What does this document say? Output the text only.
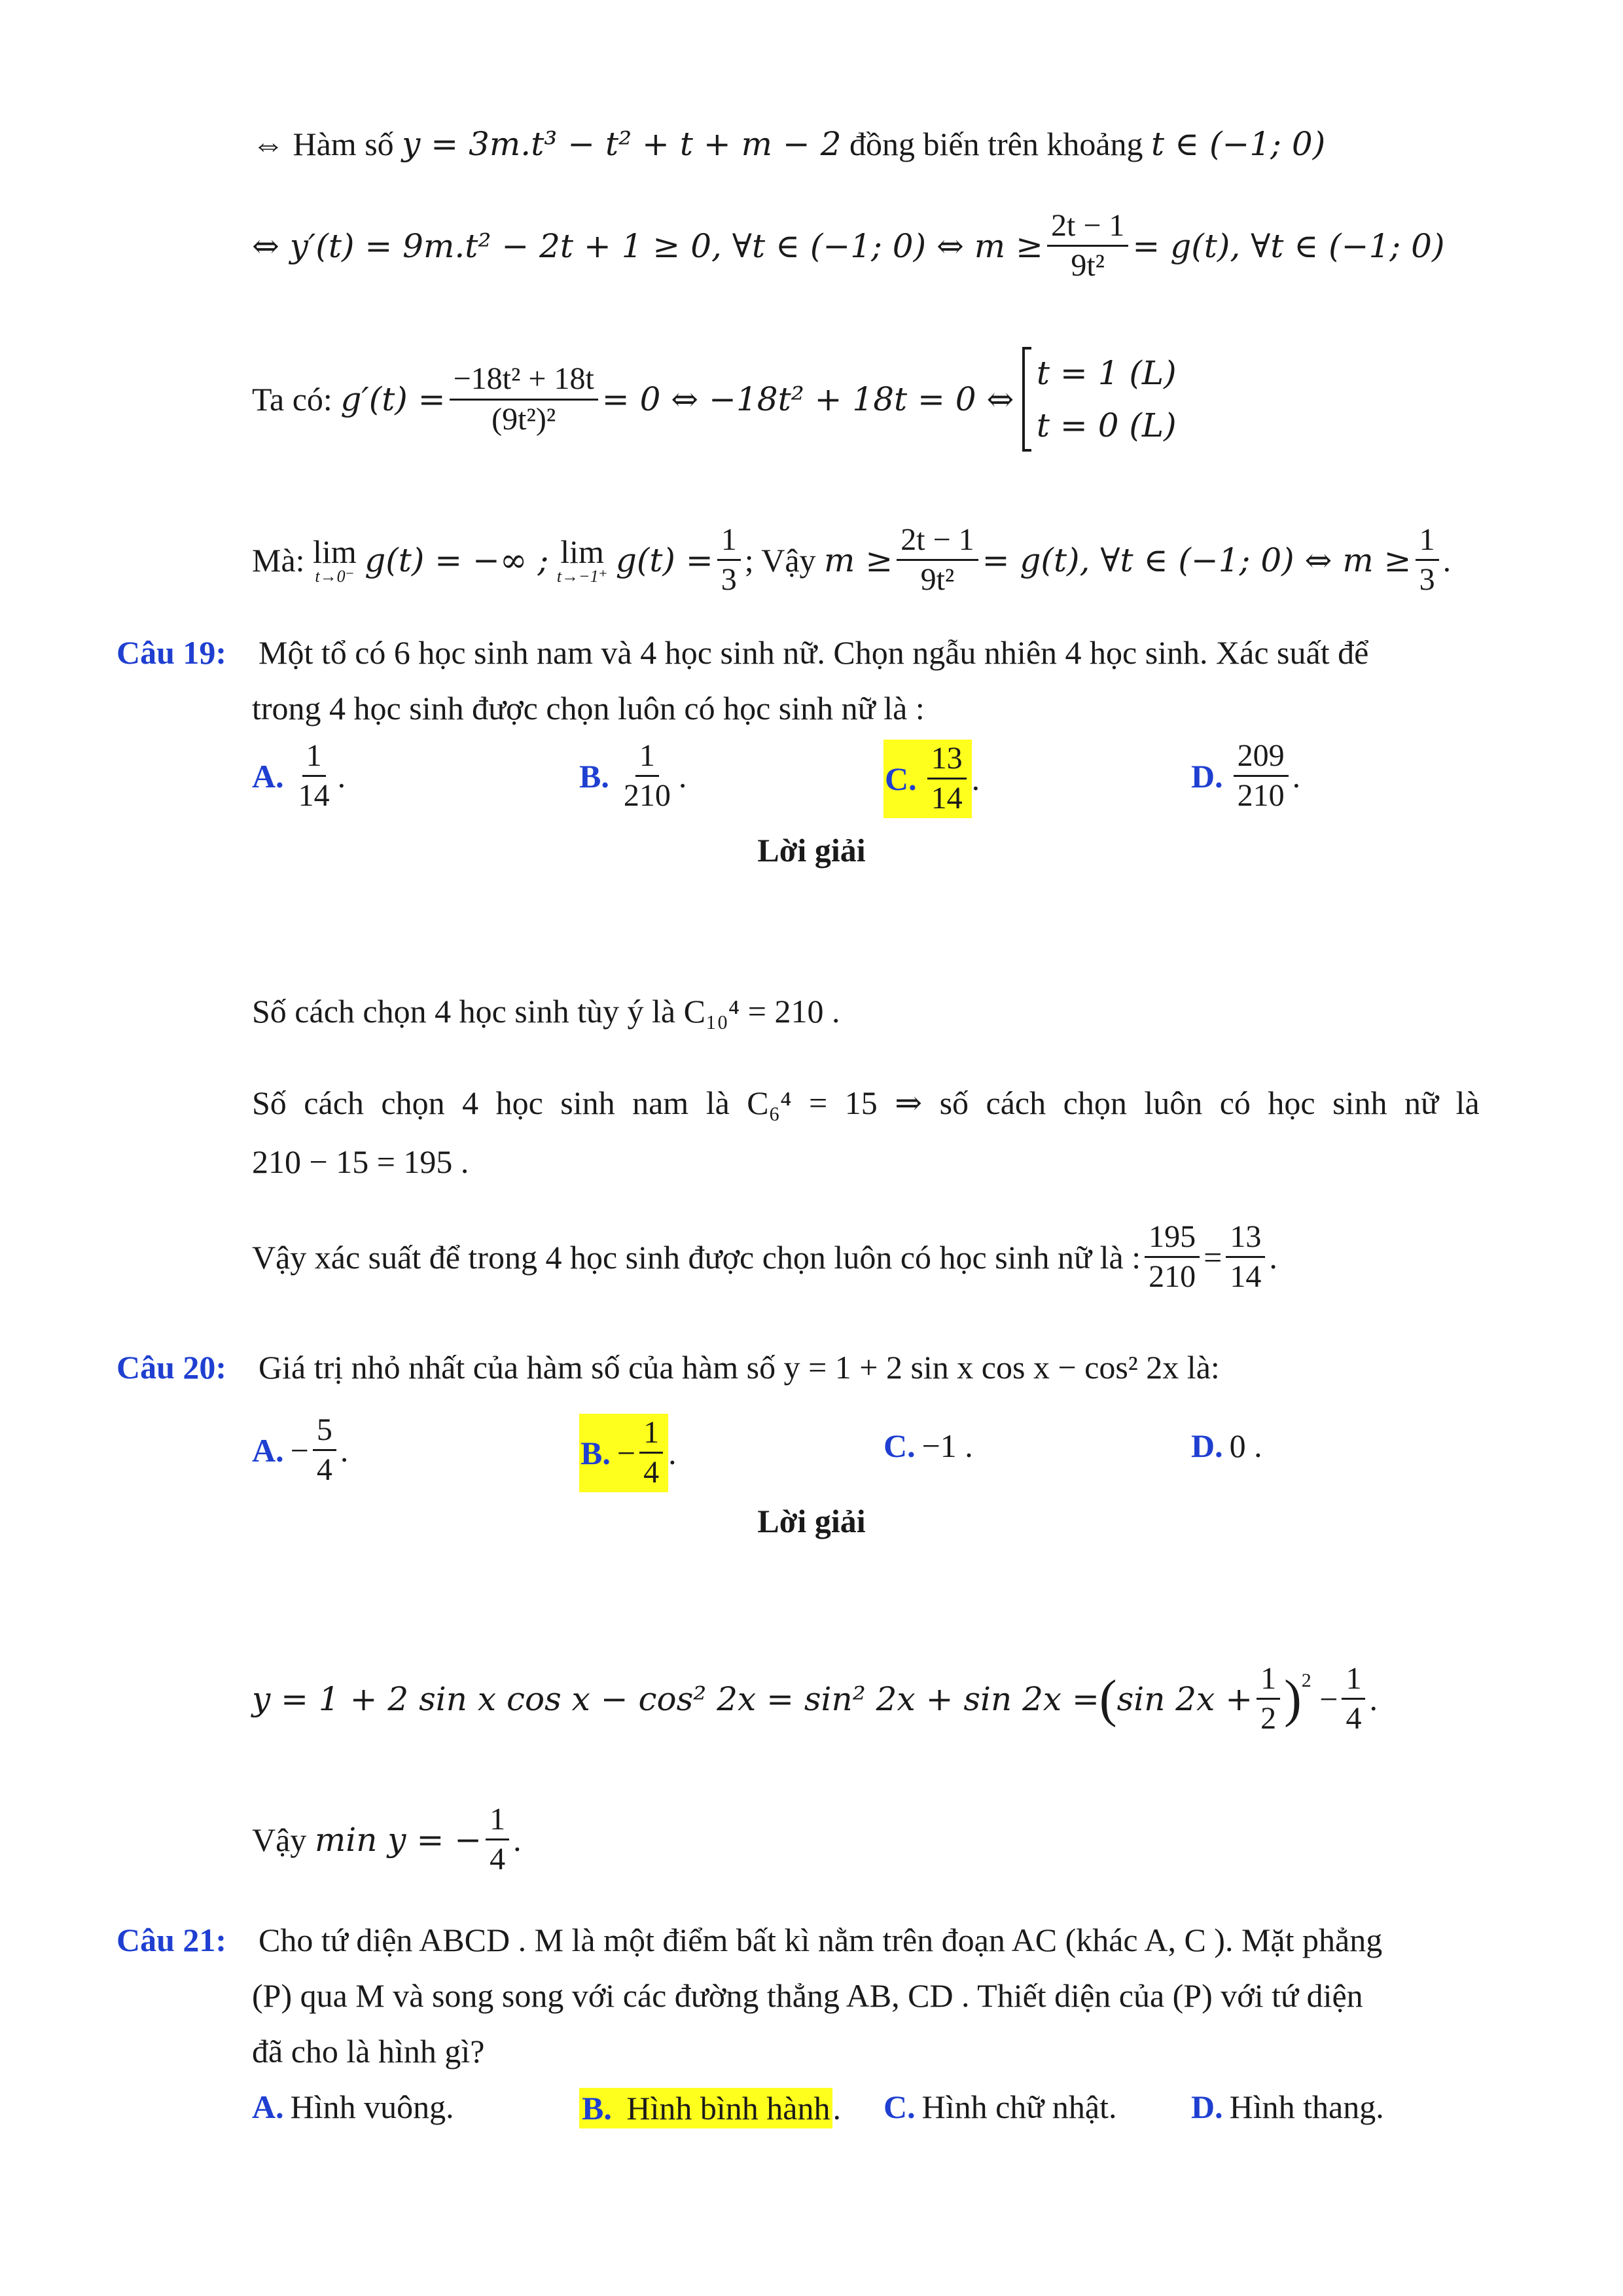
⇔ Hàm số y = 3m.t³ − t² + t + m − 2 đồng biến trên khoảng t ∈ (−1; 0)
⇔ y′(t) = 9m.t² − 2t + 1 ≥ 0, ∀t ∈ (−1; 0) ⇔ $m \ge \frac{2t - 1}{\text{9t²}} = g(t)$, ∀t ∈ (−1; 0)
Ta có:
$g'(t) = \frac{\text{−18t² + 18t}}{\text{(9t²)²}} = 0$ ⇔ −18t² + 18t = 0 ⇔

t = 1 (L)
t = 0 (L)
Mà:
lim
t→0⁻
g(t) = −∞ ;
lim
t→−1⁺
$g(t) = \frac{1}{3}$ ; Vậy
$m \ge \frac{2t - 1}{\text{9t²}} = g(t)$, ∀t ∈ (−1; 0) ⇔ $m \ge \frac{1}{3}$ .
Câu 19: Một tổ có 6 học sinh nam và 4 học sinh nữ. Chọn ngẫu nhiên 4 học sinh. Xác suất để
trong 4 học sinh được chọn luôn có học sinh nữ là :
A. $\frac{1}{14}$ .	B. $\frac{1}{210}$ .	C. $\frac{13}{14}$ .	D. $\frac{209}{210}$ .
Lời giải
Số cách chọn 4 học sinh tùy ý là C₁₀⁴ = 210 .
Số cách chọn 4 học sinh nam là C₆⁴ = 15 ⇒ số cách chọn luôn có học sinh nữ là
210 − 15 = 195 .
Vậy xác suất để trong 4 học sinh được chọn luôn có học sinh nữ là : $\frac{195}{210} = \frac{13}{14}$ .
Câu 20: Giá trị nhỏ nhất của hàm số của hàm số y = 1 + 2 sin x cos x − cos² 2x là:
A. − $\frac{5}{4}$ .	B. − $\frac{1}{4}$ .	C. −1 .	D. 0 .
Lời giải
y = 1 + 2 sin x cos x − cos² 2x = sin² 2x + sin 2x = ( $\sin 2x + \frac{1}{2} )^2$
− $\frac{1}{4}$ .
Vậy
min y = − $\frac{1}{4}$ .
Câu 21: Cho tứ diện ABCD . M là một điểm bất kì nằm trên đoạn AC (khác A, C ). Mặt phẳng
(P) qua M và song song với các đường thẳng AB, CD . Thiết diện của (P) với tứ diện
đã cho là hình gì?
A. Hình vuông.	B. Hình bình hành . C. Hình chữ nhật. D. Hình thang.
